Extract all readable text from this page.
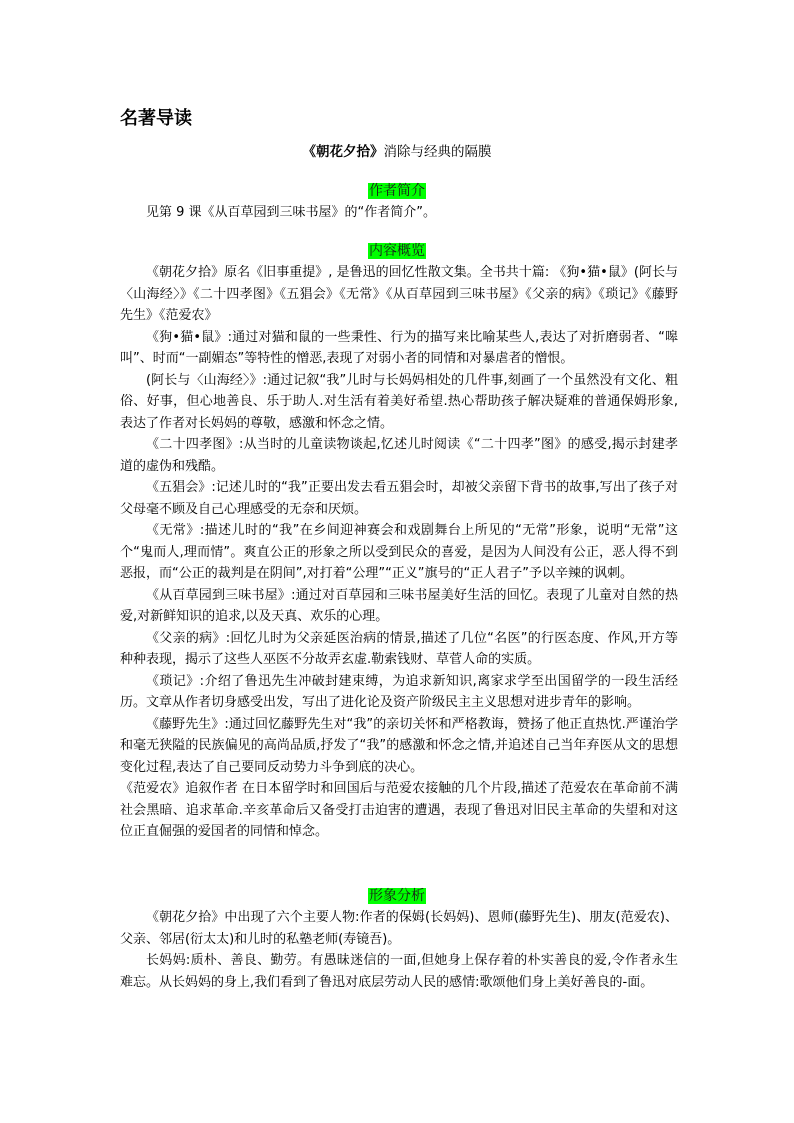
名著导读
《朝花夕拾》消除与经典的隔膜
作者简介

见第 9 课《从百草园到三味书屋》的“作者简介”。

内容概览

《朝花夕拾》原名《旧事重提》, 是鲁迅的回忆性散文集。全书共十篇: 《狗•猫•鼠》(阿长与〈山海经〉》《二十四孝图》《五猖会》《无常》《从百草园到三味书屋》《父亲的病》《琐记》《藤野先生》《范爱农》

《狗•猫•鼠》:通过对猫和鼠的一些秉性、行为的描写来比喻某些人,表达了对折磨弱者、“嗥叫”、时而“一副媚态”等特性的憎恶,表现了对弱小者的同情和对暴虐者的憎恨。

(阿长与〈山海经〉》:通过记叙“我”儿时与长妈妈相处的几件事,刻画了一个虽然没有文化、粗俗、好事，但心地善良、乐于助人.对生活有着美好希望.热心帮助孩子解决疑难的普通保姆形象,表达了作者对长妈妈的尊敬，感激和怀念之情。

《二十四孝图》:从当时的儿童读物谈起,忆述儿时阅读《“二十四孝”图》的感受,揭示封建孝道的虚伪和残酷。

《五猖会》:记述儿时的“我”正要出发去看五猖会时，却被父亲留下背书的故事,写出了孩子对父母毫不顾及自己心理感受的无奈和厌烦。

《无常》:描述儿时的“我”在乡间迎神赛会和戏剧舞台上所见的“无常”形象，说明“无常”这个“鬼而人,理而情”。爽直公正的形象之所以受到民众的喜爱，是因为人间没有公正，恶人得不到恶报，而“公正的裁判是在阴间”,对打着“公理”“正义”旗号的“正人君子”予以辛辣的讽刺。

《从百草园到三味书屋》:通过对百草园和三味书屋美好生活的回忆。表现了儿童对自然的热爱,对新鲜知识的追求,以及天真、欢乐的心理。

《父亲的病》:回忆儿时为父亲延医治病的情景,描述了几位“名医”的行医态度、作风,开方等种种表现，揭示了这些人巫医不分故弄玄虚.勒索钱财、草菅人命的实质。

《琐记》:介绍了鲁迅先生冲破封建束缚，为追求新知识,离家求学至出国留学的一段生活经历。文章从作者切身感受出发，写出了进化论及资产阶级民主主义思想对进步青年的影响。

《藤野先生》:通过回忆藤野先生对“我”的亲切关怀和严格教诲，赞扬了他正直热忱.严谨治学和毫无狭隘的民族偏见的高尚品质,抒发了“我”的感激和怀念之情,并追述自己当年弃医从文的思想变化过程,表达了自己要同反动势力斗争到底的决心。

《范爱农》追叙作者 在日本留学时和回国后与范爱农接触的几个片段,描述了范爱农在革命前不满社会黑暗、追求革命.辛亥革命后又备受打击迫害的遭遇，表现了鲁迅对旧民主革命的失望和对这位正直倔强的爱国者的同情和悼念。

形象分析

《朝花夕拾》中出现了六个主要人物:作者的保姆(长妈妈)、恩师(藤野先生)、朋友(范爱农)、父亲、邻居(衍太太)和儿时的私塾老师(寿镜吾)。

长妈妈:质朴、善良、勤劳。有愚昧迷信的一面,但她身上保存着的朴实善良的爱,令作者永生难忘。从长妈妈的身上,我们看到了鲁迅对底层劳动人民的感情:歌颂他们身上美好善良的-面。
